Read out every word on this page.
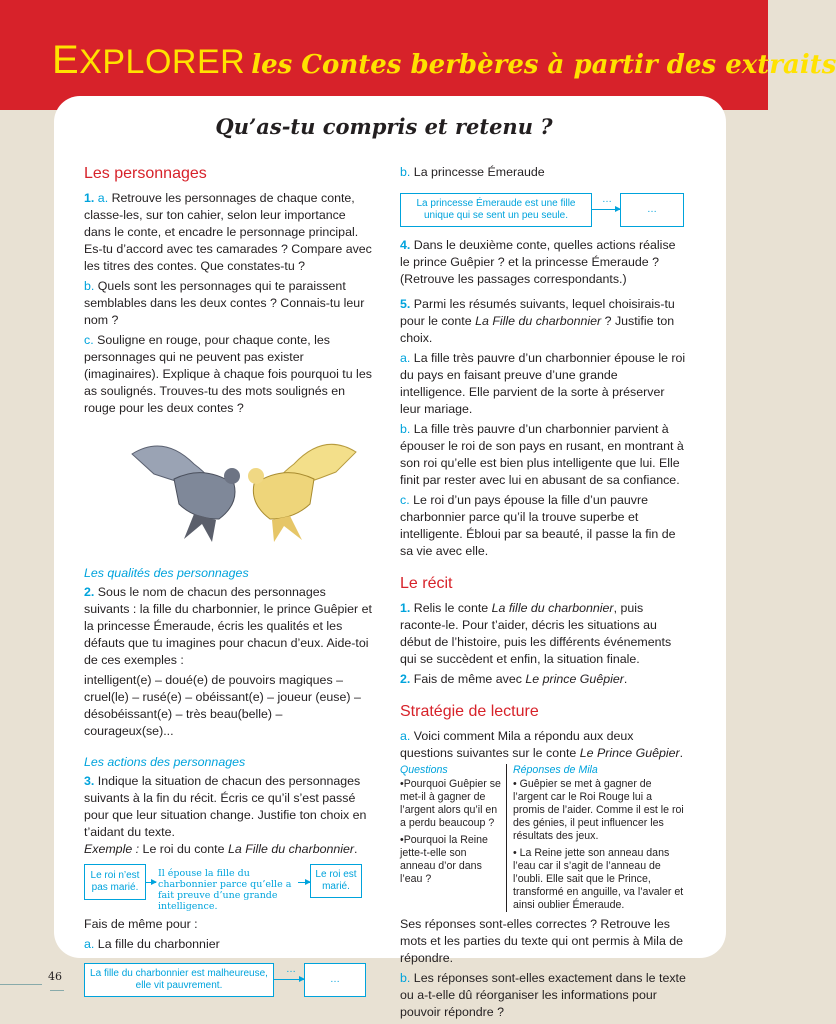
EXPLORER les Contes berbères à partir des extraits
Qu’as-tu compris et retenu ?
Les personnages

1. a. Retrouve les personnages de chaque conte, classe-les, sur ton cahier, selon leur importance dans le conte, et encadre le personnage principal. Es-tu d’accord avec tes camarades ? Compare avec les titres des contes. Que constates-tu ?

b. Quels sont les personnages qui te paraissent semblables dans les deux contes ? Connais-tu leur nom ?

c. Souligne en rouge, pour chaque conte, les personnages qui ne peuvent pas exister (imaginaires). Explique à chaque fois pourquoi tu les as soulignés. Trouves-tu des mots soulignés en rouge pour les deux contes ?

Les qualités des personnages

2. Sous le nom de chacun des personnages suivants : la fille du charbonnier, le prince Guêpier et la princesse Émeraude, écris les qualités et les défauts que tu imagines pour chacun d’eux. Aide-toi de ces exemples :

intelligent(e) – doué(e) de pouvoirs magiques – cruel(le) – rusé(e) – obéissant(e) – joueur (euse) – désobéissant(e) – très beau(belle) – courageux(se)...

Les actions des personnages

3. Indique la situation de chacun des personnages suivants à la fin du récit. Écris ce qu’il s’est passé pour que leur situation change. Justifie ton choix en t’aidant du texte.

Exemple : Le roi du conte La Fille du charbonnier.

Le roi n’est pas marié.
Il épouse la fille du charbonnier parce qu’elle a fait preuve d’une grande intelligence.
Le roi est marié.

Fais de même pour :

a. La fille du charbonnier

La fille du charbonnier est malheureuse, elle vit pauvrement.
…
…

b. La princesse Émeraude

La princesse Émeraude est une fille unique qui se sent un peu seule.
…
…

4. Dans le deuxième conte, quelles actions réalise le prince Guêpier ? et la princesse Émeraude ? (Retrouve les passages correspondants.)

5. Parmi les résumés suivants, lequel choisirais-tu pour le conte La Fille du charbonnier ? Justifie ton choix.

a. La fille très pauvre d’un charbonnier épouse le roi du pays en faisant preuve d’une grande intelligence. Elle parvient de la sorte à préserver leur mariage.

b. La fille très pauvre d’un charbonnier parvient à épouser le roi de son pays en rusant, en montrant à son roi qu’elle est bien plus intelligente que lui. Elle finit par rester avec lui en abusant de sa confiance.

c. Le roi d’un pays épouse la fille d’un pauvre charbonnier parce qu’il la trouve superbe et intelligente. Ébloui par sa beauté, il passe la fin de sa vie avec elle.

Le récit

1. Relis le conte La fille du charbonnier, puis raconte-le. Pour t’aider, décris les situations au début de l’histoire, puis les différents événements qui se succèdent et enfin, la situation finale.

2. Fais de même avec Le prince Guêpier.

Stratégie de lecture

a. Voici comment Mila a répondu aux deux questions suivantes sur le conte Le Prince Guêpier.

Questions
•Pourquoi Guêpier se met-il à gagner de l’argent alors qu’il en a perdu beaucoup ?
•Pourquoi la Reine jette-t-elle son anneau d’or dans l’eau ?
Réponses de Mila
• Guêpier se met à gagner de l’argent car le Roi Rouge lui a promis de l’aider. Comme il est le roi des génies, il peut influencer les résultats des jeux.
• La Reine jette son anneau dans l’eau car il s’agit de l’anneau de l’oubli. Elle sait que le Prince, transformé en anguille, va l’avaler et ainsi oublier Émeraude.

Ses réponses sont-elles correctes ? Retrouve les mots et les parties du texte qui ont permis à Mila de répondre.

b. Les réponses sont-elles exactement dans le texte ou a-t-elle dû réorganiser les informations pour pouvoir répondre ?

46
